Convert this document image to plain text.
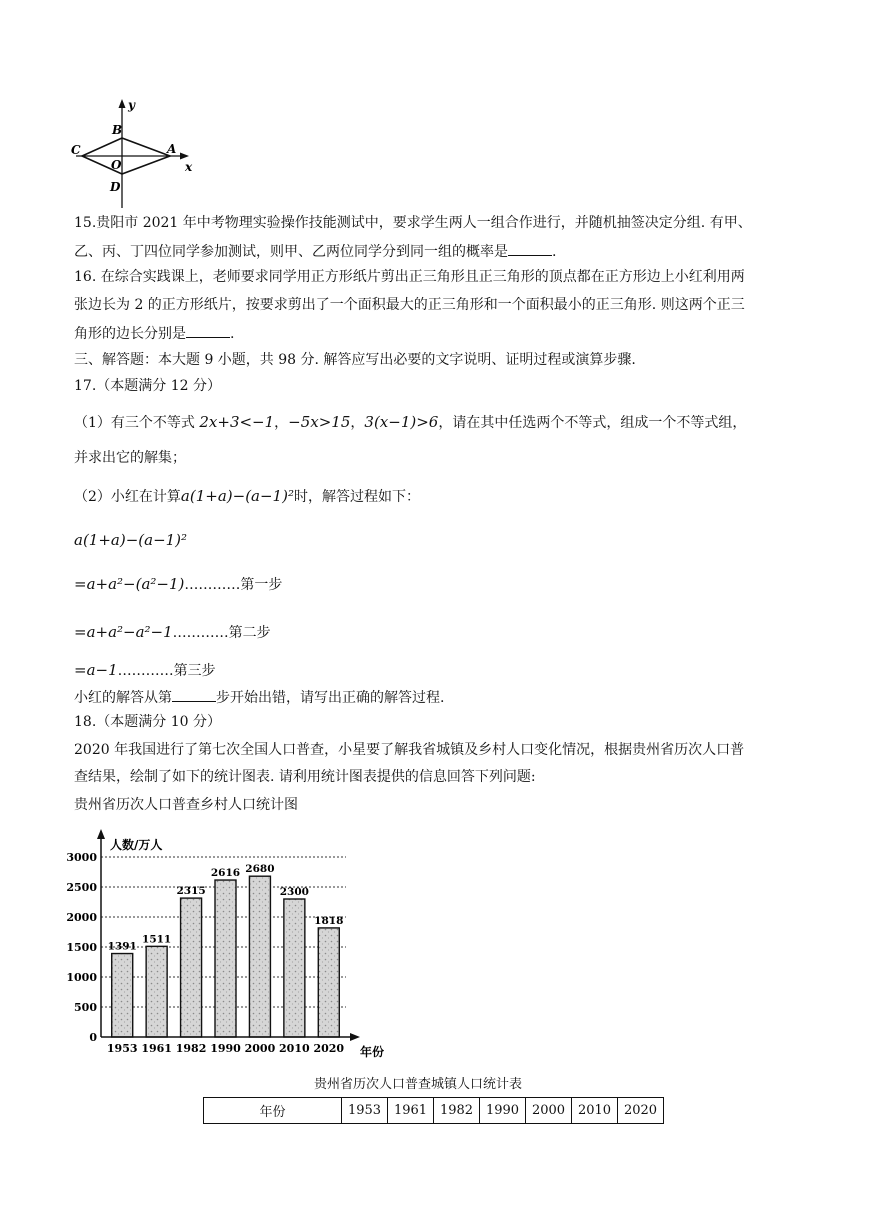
y
x
B
C
O
A
D
15.贵阳市 2021 年中考物理实验操作技能测试中，要求学生两人一组合作进行，并随机抽签决定分组. 有甲、
乙、丙、丁四位同学参加测试，则甲、乙两位同学分到同一组的概率是	.
16. 在综合实践课上，老师要求同学用正方形纸片剪出正三角形且正三角形的顶点都在正方形边上小红利用两
张边长为 2 的正方形纸片，按要求剪出了一个面积最大的正三角形和一个面积最小的正三角形. 则这两个正三
角形的边长分别是	.
三、解答题：本大题 9 小题，共 98 分. 解答应写出必要的文字说明、证明过程或演算步骤.
17.（本题满分 12 分）
（1）有三个不等式 2x+3<−1，−5x>15，3(x−1)>6，请在其中任选两个不等式，组成一个不等式组，
并求出它的解集；
（2）小红在计算a(1+a)−(a−1)²时，解答过程如下：
a(1+a)−(a−1)²
=a+a²−(a²−1)…………第一步
=a+a²−a²−1…………第二步
=a−1…………第三步
小红的解答从第	步开始出错，请写出正确的解答过程.
18.（本题满分 10 分）
2020 年我国进行了第七次全国人口普查，小星要了解我省城镇及乡村人口变化情况，根据贵州省历次人口普
查结果，绘制了如下的统计图表. 请利用统计图表提供的信息回答下列问题:
贵州省历次人口普查乡村人口统计图
1391
1511
2315
2616 2680
2300
1818
0
500
1000
1500
2000
2500
3000
1953 1961 1982 1990 2000 2010 2020
人数/万人
年份
贵州省历次人口普查城镇人口统计表
年份	1953	1961	1982	1990	2000	2010	2020
